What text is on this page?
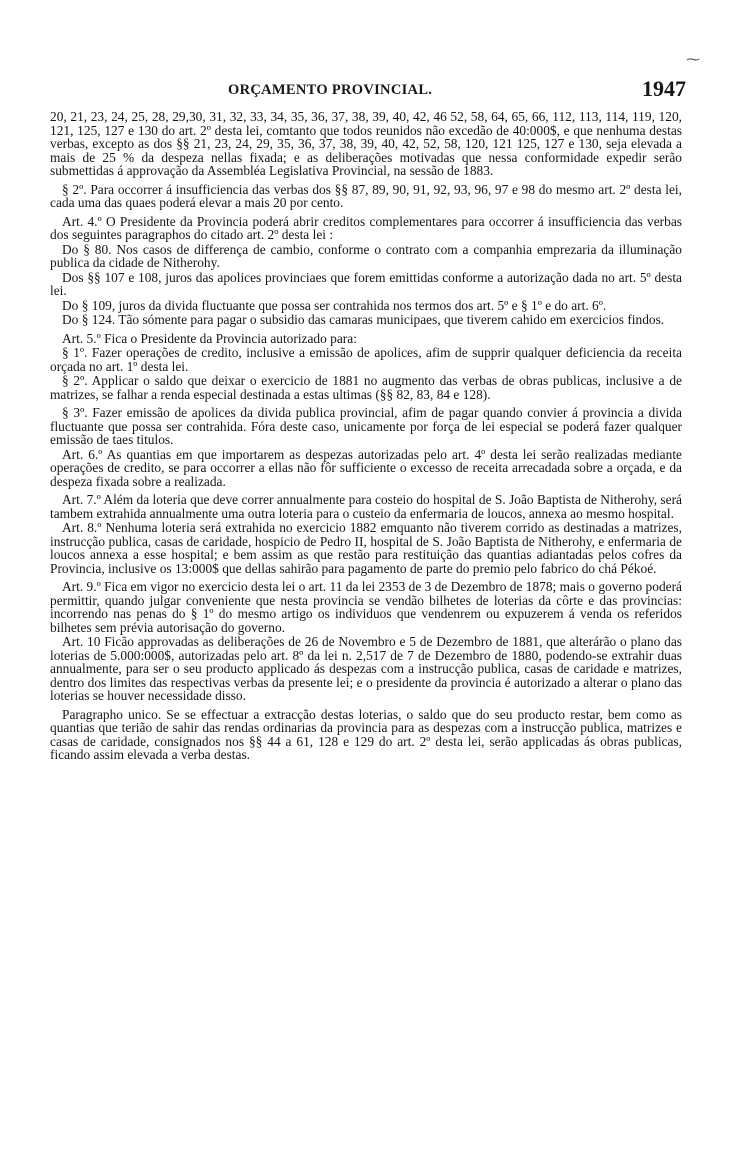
ORÇAMENTO PROVINCIAL.	1947
⁓

20, 21, 23, 24, 25, 28, 29,30, 31, 32, 33, 34, 35, 36, 37, 38, 39, 40, 42, 46 52, 58, 64, 65, 66, 112, 113, 114, 119, 120, 121, 125, 127 e 130 do art. 2º desta lei, comtanto que todos reunidos não excedão de 40:000$, e que nenhuma destas verbas, excepto as dos §§ 21, 23, 24, 29, 35, 36, 37, 38, 39, 40, 42, 52, 58, 120, 121 125, 127 e 130, seja elevada a mais de 25 % da despeza nellas fixada; e as deliberações motivadas que nessa conformidade expedir serão submettidas á approvação da Assembléa Legislativa Provincial, na sessão de 1883.

§ 2º. Para occorrer á insufficiencia das verbas dos §§ 87, 89, 90, 91, 92, 93, 96, 97 e 98 do mesmo art. 2º desta lei, cada uma das quaes poderá elevar a mais 20 por cento.

Art. 4.º O Presidente da Provincia poderá abrir creditos complementares para occorrer á insufficiencia das verbas dos seguintes paragraphos do citado art. 2º desta lei :

Do § 80. Nos casos de differença de cambio, conforme o contrato com a companhia emprezaria da illuminação publica da cidade de Nitherohy.

Dos §§ 107 e 108, juros das apolices provinciaes que forem emittidas conforme a autorização dada no art. 5º desta lei.

Do § 109, juros da divida fluctuante que possa ser contrahida nos termos dos art. 5º e § 1º e do art. 6º.

Do § 124. Tão sómente para pagar o subsidio das camaras municipaes, que tiverem cahido em exercicios findos.

Art. 5.º Fica o Presidente da Provincia autorizado para:

§ 1º. Fazer operações de credito, inclusive a emissão de apolices, afim de supprir qualquer deficiencia da receita orçada no art. 1º desta lei.

§ 2º. Applicar o saldo que deixar o exercicio de 1881 no augmento das verbas de obras publicas, inclusive a de matrizes, se falhar a renda especial destinada a estas ultimas (§§ 82, 83, 84 e 128).

§ 3º. Fazer emissão de apolices da divida publica provincial, afim de pagar quando convier á provincia a divida fluctuante que possa ser contrahida. Fóra deste caso, unicamente por força de lei especial se poderá fazer qualquer emissão de taes titulos.

Art. 6.º As quantias em que importarem as despezas autorizadas pelo art. 4º desta lei serão realizadas mediante operações de credito, se para occorrer a ellas não fôr sufficiente o excesso de receita arrecadada sobre a orçada, e da despeza fixada sobre a realizada.

Art. 7.º Além da loteria que deve correr annualmente para costeio do hospital de S. João Baptista de Nitherohy, será tambem extrahida annualmente uma outra loteria para o custeio da enfermaria de loucos, annexa ao mesmo hospital.

Art. 8.º Nenhuma loteria será extrahida no exercicio 1882 emquanto não tiverem corrido as destinadas a matrizes, instrucção publica, casas de caridade, hospicio de Pedro II, hospital de S. João Baptista de Nitherohy, e enfermaria de loucos annexa a esse hospital; e bem assim as que restão para restituição das quantias adiantadas pelos cofres da Provincia, inclusive os 13:000$ que dellas sahirão para pagamento de parte do premio pelo fabrico do chá Pékoé.

Art. 9.º Fica em vigor no exercicio desta lei o art. 11 da lei 2353 de 3 de Dezembro de 1878; mais o governo poderá permittir, quando julgar conveniente que nesta provincia se vendão bilhetes de loterias da côrte e das provincias: incorrendo nas penas do § 1º do mesmo artigo os individuos que vendenrem ou expuzerem á venda os referidos bilhetes sem prévia autorisação do governo.

Art. 10 Ficão approvadas as deliberações de 26 de Novembro e 5 de Dezembro de 1881, que alterárão o plano das loterias de 5.000:000$, autorizadas pelo art. 8º da lei n. 2,517 de 7 de Dezembro de 1880, podendo-se extrahir duas annualmente, para ser o seu producto applicado ás despezas com a instrucção publica, casas de caridade e matrizes, dentro dos limites das respectivas verbas da presente lei; e o presidente da provincia é autorizado a alterar o plano das loterias se houver necessidade disso.

Paragrapho unico. Se se effectuar a extracção destas loterias, o saldo que do seu producto restar, bem como as quantias que terião de sahir das rendas ordinarias da provincia para as despezas com a instrucção publica, matrizes e casas de caridade, consignados nos §§ 44 a 61, 128 e 129 do art. 2º desta lei, serão applicadas ás obras publicas, ficando assim elevada a verba destas.
